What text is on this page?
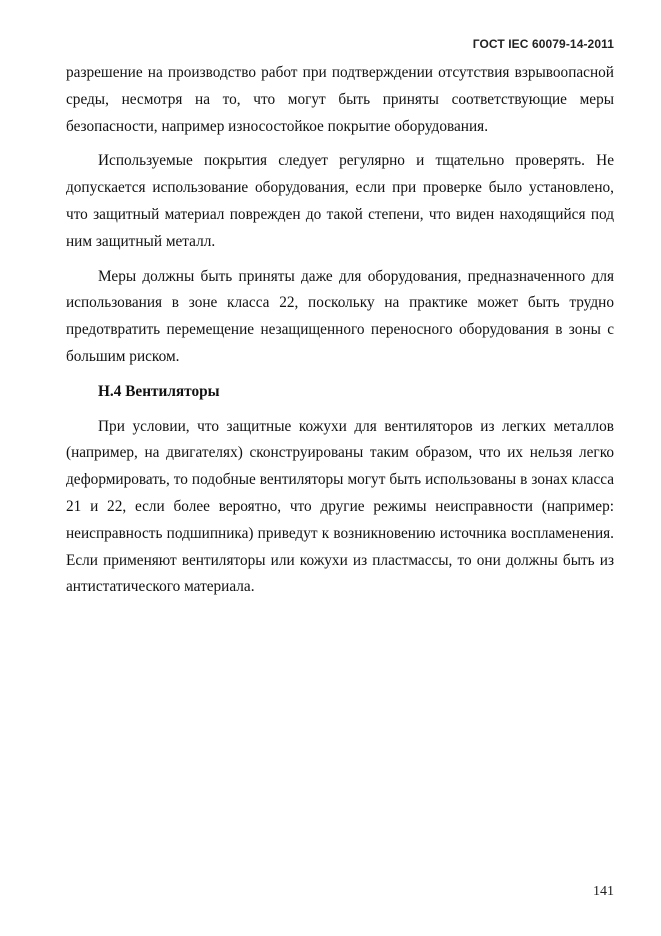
ГОСТ IEC 60079-14-2011

разрешение на производство работ при подтверждении отсутствия взрывоопасной среды, несмотря на то, что могут быть приняты соответствующие меры безопасности, например износостойкое покрытие оборудования.

Используемые покрытия следует регулярно и тщательно проверять. Не допускается использование оборудования, если при проверке было установлено, что защитный материал поврежден до такой степени, что виден находящийся под ним защитный металл.

Меры должны быть приняты даже для оборудования, предназначенного для использования в зоне класса 22, поскольку на практике может быть трудно предотвратить перемещение незащищенного переносного оборудования в зоны с большим риском.

Н.4 Вентиляторы

При условии, что защитные кожухи для вентиляторов из легких металлов (например, на двигателях) сконструированы таким образом, что их нельзя легко деформировать, то подобные вентиляторы могут быть использованы в зонах класса 21 и 22, если более вероятно, что другие режимы неисправности (например: неисправность подшипника) приведут к возникновению источника воспламенения. Если применяют вентиляторы или кожухи из пластмассы, то они должны быть из антистатического материала.

141
